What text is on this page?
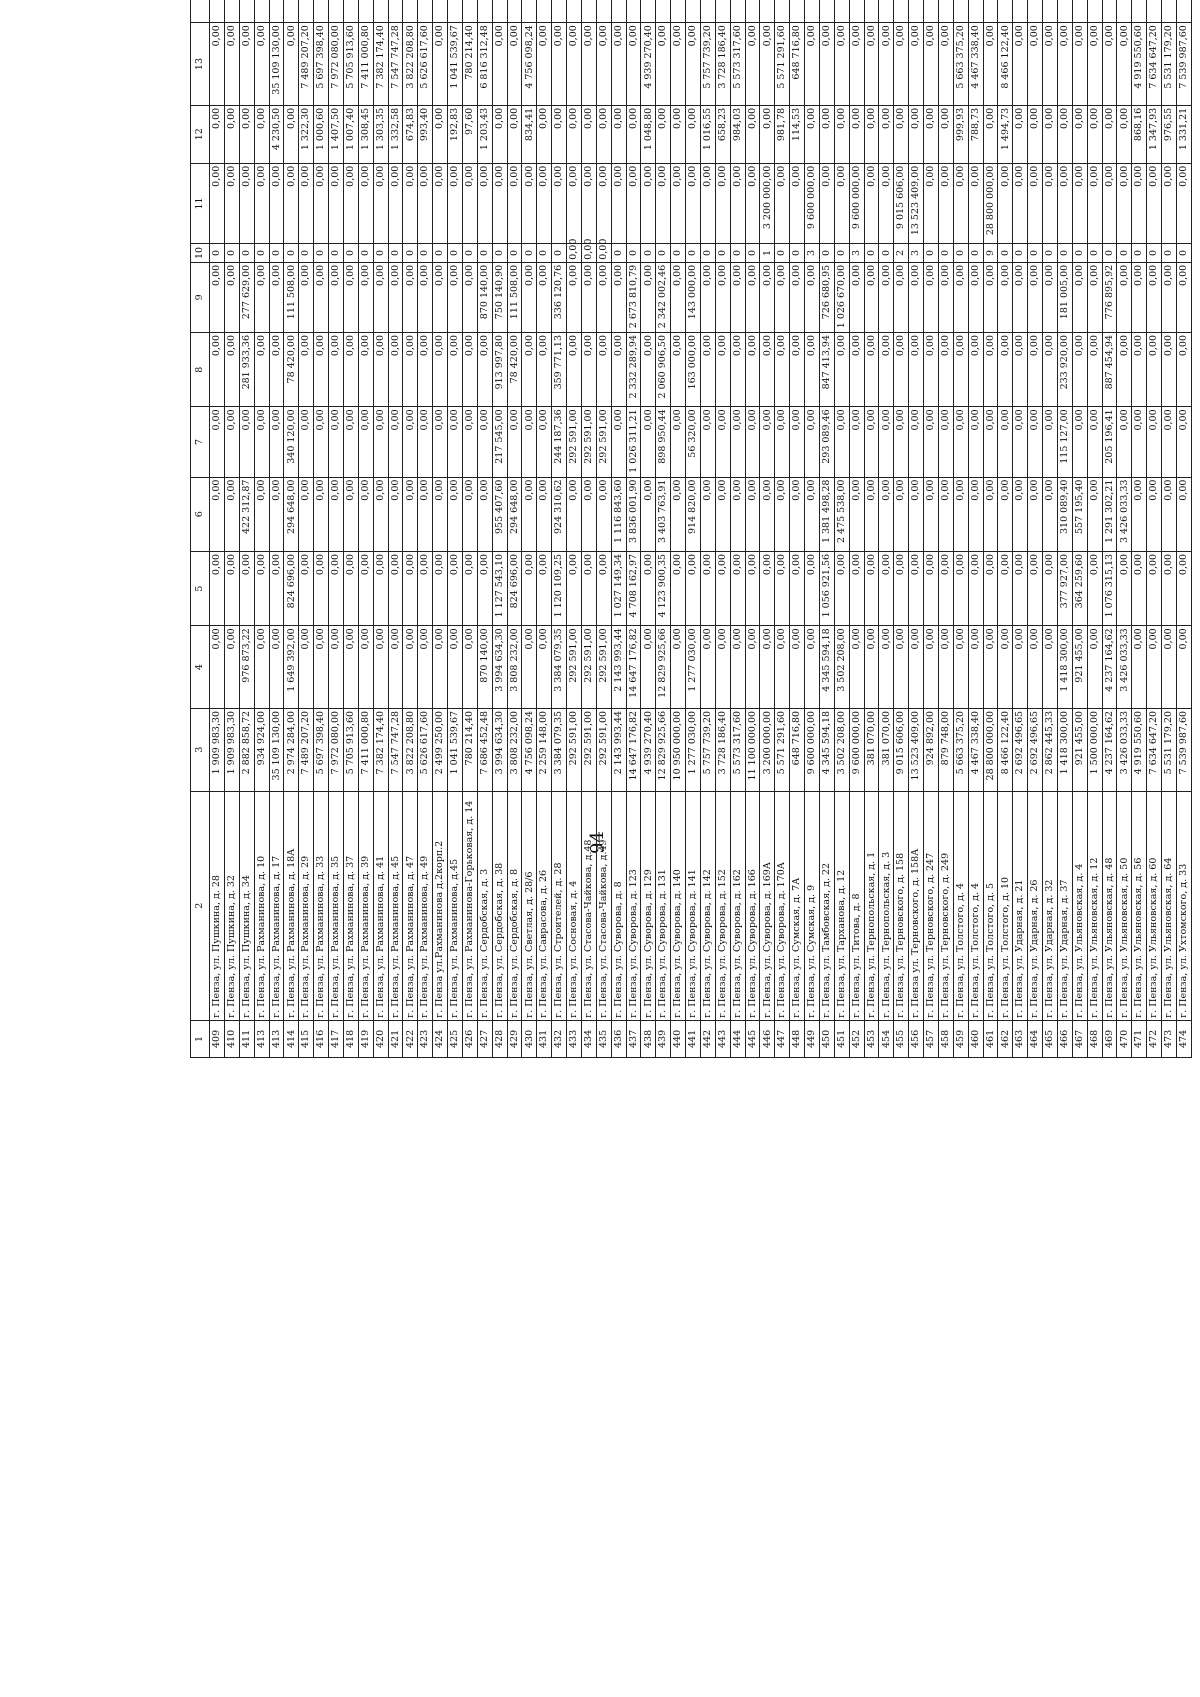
94
1	2	3	4	5	6	7	8	9	10	11	12	13											
409	г. Пенза, ул. Пушкина, д. 28	1 909 983,30	0,00	0,00	0,00	0,00	0,00	0,00	0	0,00	0,00	0,00											
410	г. Пенза, ул. Пушкина, д. 32	1 909 983,30	0,00	0,00	0,00	0,00	0,00	0,00	0	0,00	0,00	0,00											
411	г. Пенза, ул. Пушкина, д. 34	2 882 858,72	976 873,22	0,00	422 312,87	0,00	281 933,36	277 629,00	0	0,00	0,00	0,00											
413	г. Пенза, ул. Рахманинова, д. 10	934 924,00	0,00	0,00	0,00	0,00	0,00	0,00	0	0,00	0,00	0,00											
413	г. Пенза, ул. Рахманинова, д. 17	35 109 130,00	0,00	0,00	0,00	0,00	0,00	0,00	0	0,00	4 230,50	35 109 130,00											
414	г. Пенза, ул. Рахманинова, д. 18А	2 974 284,00	1 649 392,00	824 696,00	294 648,00	340 120,00	78 420,00	111 508,00	0	0,00	0,00	0,00											
415	г. Пенза, ул. Рахманинова, д. 29	7 489 207,20	0,00	0,00	0,00	0,00	0,00	0,00	0	0,00	1 322,30	7 489 207,20											
416	г. Пенза, ул. Рахманинова, д. 33	5 697 398,40	0,00	0,00	0,00	0,00	0,00	0,00	0	0,00	1 000,60	5 697 398,40											
417	г. Пенза, ул. Рахманинова, д. 35	7 972 080,00	0,00	0,00	0,00	0,00	0,00	0,00	0	0,00	1 407,50	7 972 080,00											
418	г. Пенза, ул. Рахманинова, д. 37	5 705 913,60	0,00	0,00	0,00	0,00	0,00	0,00	0	0,00	1 007,40	5 705 913,60											
419	г. Пенза, ул. Рахманинова, д. 39	7 411 000,80	0,00	0,00	0,00	0,00	0,00	0,00	0	0,00	1 308,45	7 411 000,80											
420	г. Пенза, ул. Рахманинова, д. 41	7 382 174,40	0,00	0,00	0,00	0,00	0,00	0,00	0	0,00	1 303,35	7 382 174,40											
421	г. Пенза, ул. Рахманинова, д. 45	7 547 747,28	0,00	0,00	0,00	0,00	0,00	0,00	0	0,00	1 332,58	7 547 747,28											
422	г. Пенза, ул. Рахманинова, д. 47	3 822 208,80	0,00	0,00	0,00	0,00	0,00	0,00	0	0,00	674,83	3 822 208,80											
423	г. Пенза, ул. Рахманинова, д. 49	5 626 617,60	0,00	0,00	0,00	0,00	0,00	0,00	0	0,00	993,40	5 626 617,60											
424	г. Пенза ул.Рахманинова д.2корп.2	2 499 250,00	0,00	0,00	0,00	0,00	0,00	0,00	0	0,00	0,00	0,00											
425	г. Пенза, ул. Рахманинова, д.45	1 041 539,67	0,00	0,00	0,00	0,00	0,00	0,00	0	0,00	192,83	1 041 539,67											
426	г. Пенза, ул. Рахманинова-Горьковая, д. 14	780 214,40	0,00	0,00	0,00	0,00	0,00	0,00	0	0,00	97,60	780 214,40											
427	г. Пенза, ул. Сердобская, д. 3	7 686 452,48	870 140,00	0,00	0,00	0,00	0,00	870 140,00	0	0,00	1 203,43	6 816 312,48											
428	г. Пенза, ул. Сердобская, д. 38	3 994 634,30	3 994 634,30	1 127 543,10	955 407,60	217 545,00	913 997,80	750 140,90	0	0,00	0,00	0,00											
429	г. Пенза, ул. Сердобская, д. 8	3 808 232,00	3 808 232,00	824 696,00	294 648,00	0,00	78 420,00	111 508,00	0	0,00	0,00	0,00											
430	г. Пенза, ул. Светлая, д. 28/6	4 756 098,24	0,00	0,00	0,00	0,00	0,00	0,00	0	0,00	834,41	4 756 098,24											
431	г. Пенза, ул. Саврасова, д. 26	2 259 148,00	0,00	0,00	0,00	0,00	0,00	0,00	0	0,00	0,00	0,00											
432	г. Пенза, ул. Строителей, д. 28	3 384 079,35	3 384 079,35	1 120 109,25	924 310,62	244 187,36	359 771,13	336 120,76	0	0,00	0,00	0,00											
433	г. Пенза, ул. Сосновая, д. 4	292 591,00	292 591,00	0,00	0,00	292 591,00	0,00	0,00	0,00	0,00	0,00	0,00											
434	г. Пенза, ул. Стасова-Чайкова, д.48	292 591,00	292 591,00	0,00	0,00	292 591,00	0,00	0,00	0,00	0,00	0,00	0,00											
435	г. Пенза, ул. Стасова-Чайкова, д.49	292 591,00	292 591,00	0,00	0,00	292 591,00	0,00	0,00	0,00	0,00	0,00	0,00											
436	г. Пенза, ул. Суворова, д. 8	2 143 993,44	2 143 993,44	1 027 149,34	1 116 843,60	0,00	0,00	0,00	0	0,00	0,00	0,00											
437	г. Пенза, ул. Суворова, д. 123	14 647 176,82	14 647 176,82	4 708 162,97	3 836 001,90	1 026 311,21	2 332 289,94	2 673 810,79	0	0,00	0,00	0,00											
438	г. Пенза, ул. Суворова, д. 129	4 939 270,40	0,00	0,00	0,00	0,00	0,00	0,00	0	0,00	1 048,80	4 939 270,40											
439	г. Пенза, ул. Суворова, д. 131	12 829 925,66	12 829 925,66	4 123 900,35	3 403 763,91	898 950,44	2 060 906,50	2 342 002,46	0	0,00	0,00	0,00											
440	г. Пенза, ул. Суворова, д. 140	10 950 000,00	0,00	0,00	0,00	0,00	0,00	0,00	0	0,00	0,00	0,00											
441	г. Пенза, ул. Суворова, д. 141	1 277 030,00	1 277 030,00	0,00	914 820,00	56 320,00	163 000,00	143 000,00	0	0,00	0,00	0,00											
442	г. Пенза, ул. Суворова, д. 142	5 757 739,20	0,00	0,00	0,00	0,00	0,00	0,00	0	0,00	1 016,55	5 757 739,20											
443	г. Пенза, ул. Суворова, д. 152	3 728 186,40	0,00	0,00	0,00	0,00	0,00	0,00	0	0,00	658,23	3 728 186,40											
444	г. Пенза, ул. Суворова, д. 162	5 573 317,60	0,00	0,00	0,00	0,00	0,00	0,00	0	0,00	984,03	5 573 317,60											
445	г. Пенза, ул. Суворова, д. 166	11 100 000,00	0,00	0,00	0,00	0,00	0,00	0,00	0	0,00	0,00	0,00											
446	г. Пенза, ул. Суворова, д. 169А	3 200 000,00	0,00	0,00	0,00	0,00	0,00	0,00	1	3 200 000,00	0,00	0,00											
447	г. Пенза, ул. Суворова, д. 170А	5 571 291,60	0,00	0,00	0,00	0,00	0,00	0,00	0	0,00	981,78	5 571 291,60											
448	г. Пенза, ул. Сумская, д. 7А	648 716,80	0,00	0,00	0,00	0,00	0,00	0,00	0	0,00	114,53	648 716,80											
449	г. Пенза, ул. Сумская, д. 9	9 600 000,00	0,00	0,00	0,00	0,00	0,00	0,00	3	9 600 000,00	0,00	0,00											
450	г. Пенза, ул. Тамбовская, д. 22	4 345 594,18	4 345 594,18	1 056 921,56	1 381 498,28	293 089,46	847 413,94	726 680,95	0	0,00	0,00	0,00											
451	г. Пенза, ул. Тарханова, д. 12	3 502 208,00	3 502 208,00	0,00	2 475 538,00	0,00	0,00	1 026 670,00	0	0,00	0,00	0,00											
452	г. Пенза, ул. Титова, д. 8	9 600 000,00	0,00	0,00	0,00	0,00	0,00	0,00	3	9 600 000,00	0,00	0,00											
453	г. Пенза, ул. Тернопольская, д. 1	381 070,00	0,00	0,00	0,00	0,00	0,00	0,00	0	0,00	0,00	0,00											
454	г. Пенза, ул. Тернопольская, д. 3	381 070,00	0,00	0,00	0,00	0,00	0,00	0,00	0	0,00	0,00	0,00											
455	г. Пенза, ул. Терновского, д. 158	9 015 606,00	0,00	0,00	0,00	0,00	0,00	0,00	2	9 015 606,00	0,00	0,00											
456	г. Пенза ул. Терновского, д. 158А	13 523 409,00	0,00	0,00	0,00	0,00	0,00	0,00	3	13 523 409,00	0,00	0,00											
457	г. Пенза, ул. Терновского, д. 247	924 892,00	0,00	0,00	0,00	0,00	0,00	0,00	0	0,00	0,00	0,00											
458	г. Пенза, ул. Терновского, д. 249	879 748,00	0,00	0,00	0,00	0,00	0,00	0,00	0	0,00	0,00	0,00											
459	г. Пенза, ул. Толстого, д. 4	5 663 375,20	0,00	0,00	0,00	0,00	0,00	0,00	0	0,00	999,93	5 663 375,20											
460	г. Пенза, ул. Толстого, д. 4	4 467 338,40	0,00	0,00	0,00	0,00	0,00	0,00	0	0,00	788,73	4 467 338,40											
461	г. Пенза, ул. Толстого, д. 5	28 800 000,00	0,00	0,00	0,00	0,00	0,00	0,00	9	28 800 000,00	0,00	0,00											
462	г. Пенза, ул. Толстого, д. 10	8 466 122,40	0,00	0,00	0,00	0,00	0,00	0,00	0	0,00	1 494,73	8 466 122,40											
463	г. Пенза, ул. Ударная, д. 21	2 692 496,65	0,00	0,00	0,00	0,00	0,00	0,00	0	0,00	0,00	0,00											
464	г. Пенза, ул. Ударная, д. 26	2 692 496,65	0,00	0,00	0,00	0,00	0,00	0,00	0	0,00	0,00	0,00											
465	г. Пенза, ул. Ударная, д. 32	2 862 445,33	0,00	0,00	0,00	0,00	0,00	0,00	0	0,00	0,00	0,00											
466	г. Пенза, ул. Ударная, д. 37	1 418 300,00	1 418 300,00	377 927,00	310 089,40	115 127,00	233 920,00	181 005,00	0	0,00	0,00	0,00											
467	г. Пенза, ул. Ульяновская, д. 4	921 455,00	921 455,00	364 259,60	557 195,40	0,00	0,00	0,00	0	0,00	0,00	0,00											
468	г. Пенза, ул. Ульяновская, д. 12	1 500 000,00	0,00	0,00	0,00	0,00	0,00	0,00	0	0,00	0,00	0,00											
469	г. Пенза, ул. Ульяновская, д. 48	4 237 164,62	4 237 164,62	1 076 315,13	1 291 302,21	205 196,41	887 454,94	776 895,92	0	0,00	0,00	0,00											
470	г. Пенза, ул. Ульяновская, д. 50	3 426 033,33	3 426 033,33	0,00	3 426 033,33	0,00	0,00	0,00	0	0,00	0,00	0,00											
471	г. Пенза, ул. Ульяновская, д. 56	4 919 550,60	0,00	0,00	0,00	0,00	0,00	0,00	0	0,00	868,16	4 919 550,60											
472	г. Пенза, ул. Ульяновская, д. 60	7 634 647,20	0,00	0,00	0,00	0,00	0,00	0,00	0	0,00	1 347,93	7 634 647,20											
473	г. Пенза, ул. Ульяновская, д. 64	5 531 179,20	0,00	0,00	0,00	0,00	0,00	0,00	0	0,00	976,55	5 531 179,20											
474	г. Пенза, ул. Ухтомского, д. 33	7 539 987,60	0,00	0,00	0,00	0,00	0,00	0,00	0	0,00	1 331,21	7 539 987,60											
